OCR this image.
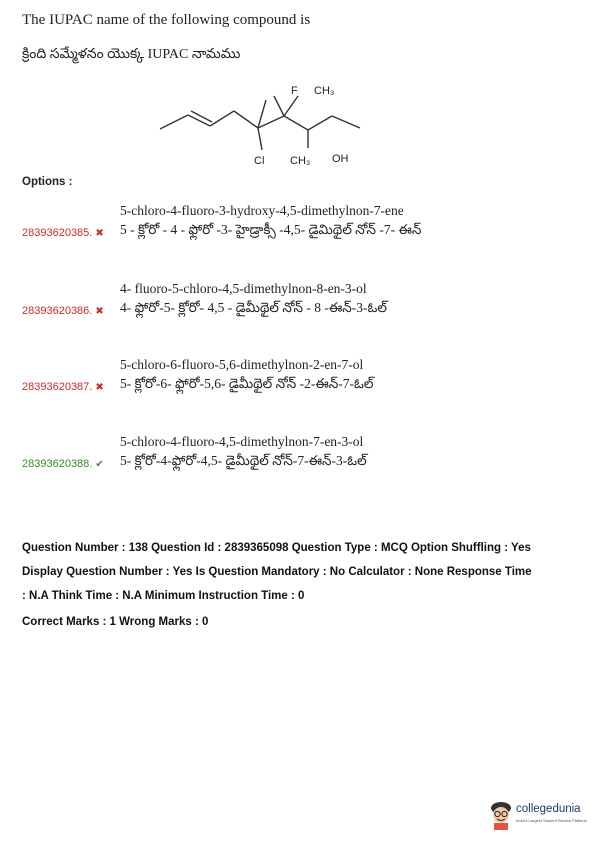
The IUPAC name of the following compound is
క్రింది సమ్మేళనం యొక్క IUPAC నామము
F CH₃
Cl CH₃ OH
Options :
5-chloro-4-fluoro-3-hydroxy-4,5-dimethylnon-7-ene
5 - క్లోరో - 4 - ఫ్లోరో -3- హైడ్రాక్సీ -4,5- డైమిథైల్ నోన్ -7- ఈన్
28393620385. ✖
4- fluoro-5-chloro-4,5-dimethylnon-8-en-3-ol
4- ఫ్లోరో-5- క్లోరో- 4,5 - డైమీథైల్ నోన్ - 8 -ఈన్-3-ఓల్
28393620386. ✖
5-chloro-6-fluoro-5,6-dimethylnon-2-en-7-ol
5- క్లోరో-6- ఫ్లోరో-5,6- డైమీథైల్ నోన్ -2-ఈన్-7-ఓల్
28393620387. ✖
5-chloro-4-fluoro-4,5-dimethylnon-7-en-3-ol
5- క్లోరో-4-ఫ్లోరో-4,5- డైమీథైల్ నోన్-7-ఈన్-3-ఓల్
28393620388. ✔
Question Number : 138 Question Id : 2839365098 Question Type : MCQ Option Shuffling : Yes
Display Question Number : Yes Is Question Mandatory : No Calculator : None Response Time
: N.A Think Time : N.A Minimum Instruction Time : 0
Correct Marks : 1 Wrong Marks : 0
collegedunia
India's Largest Student Review Platform
